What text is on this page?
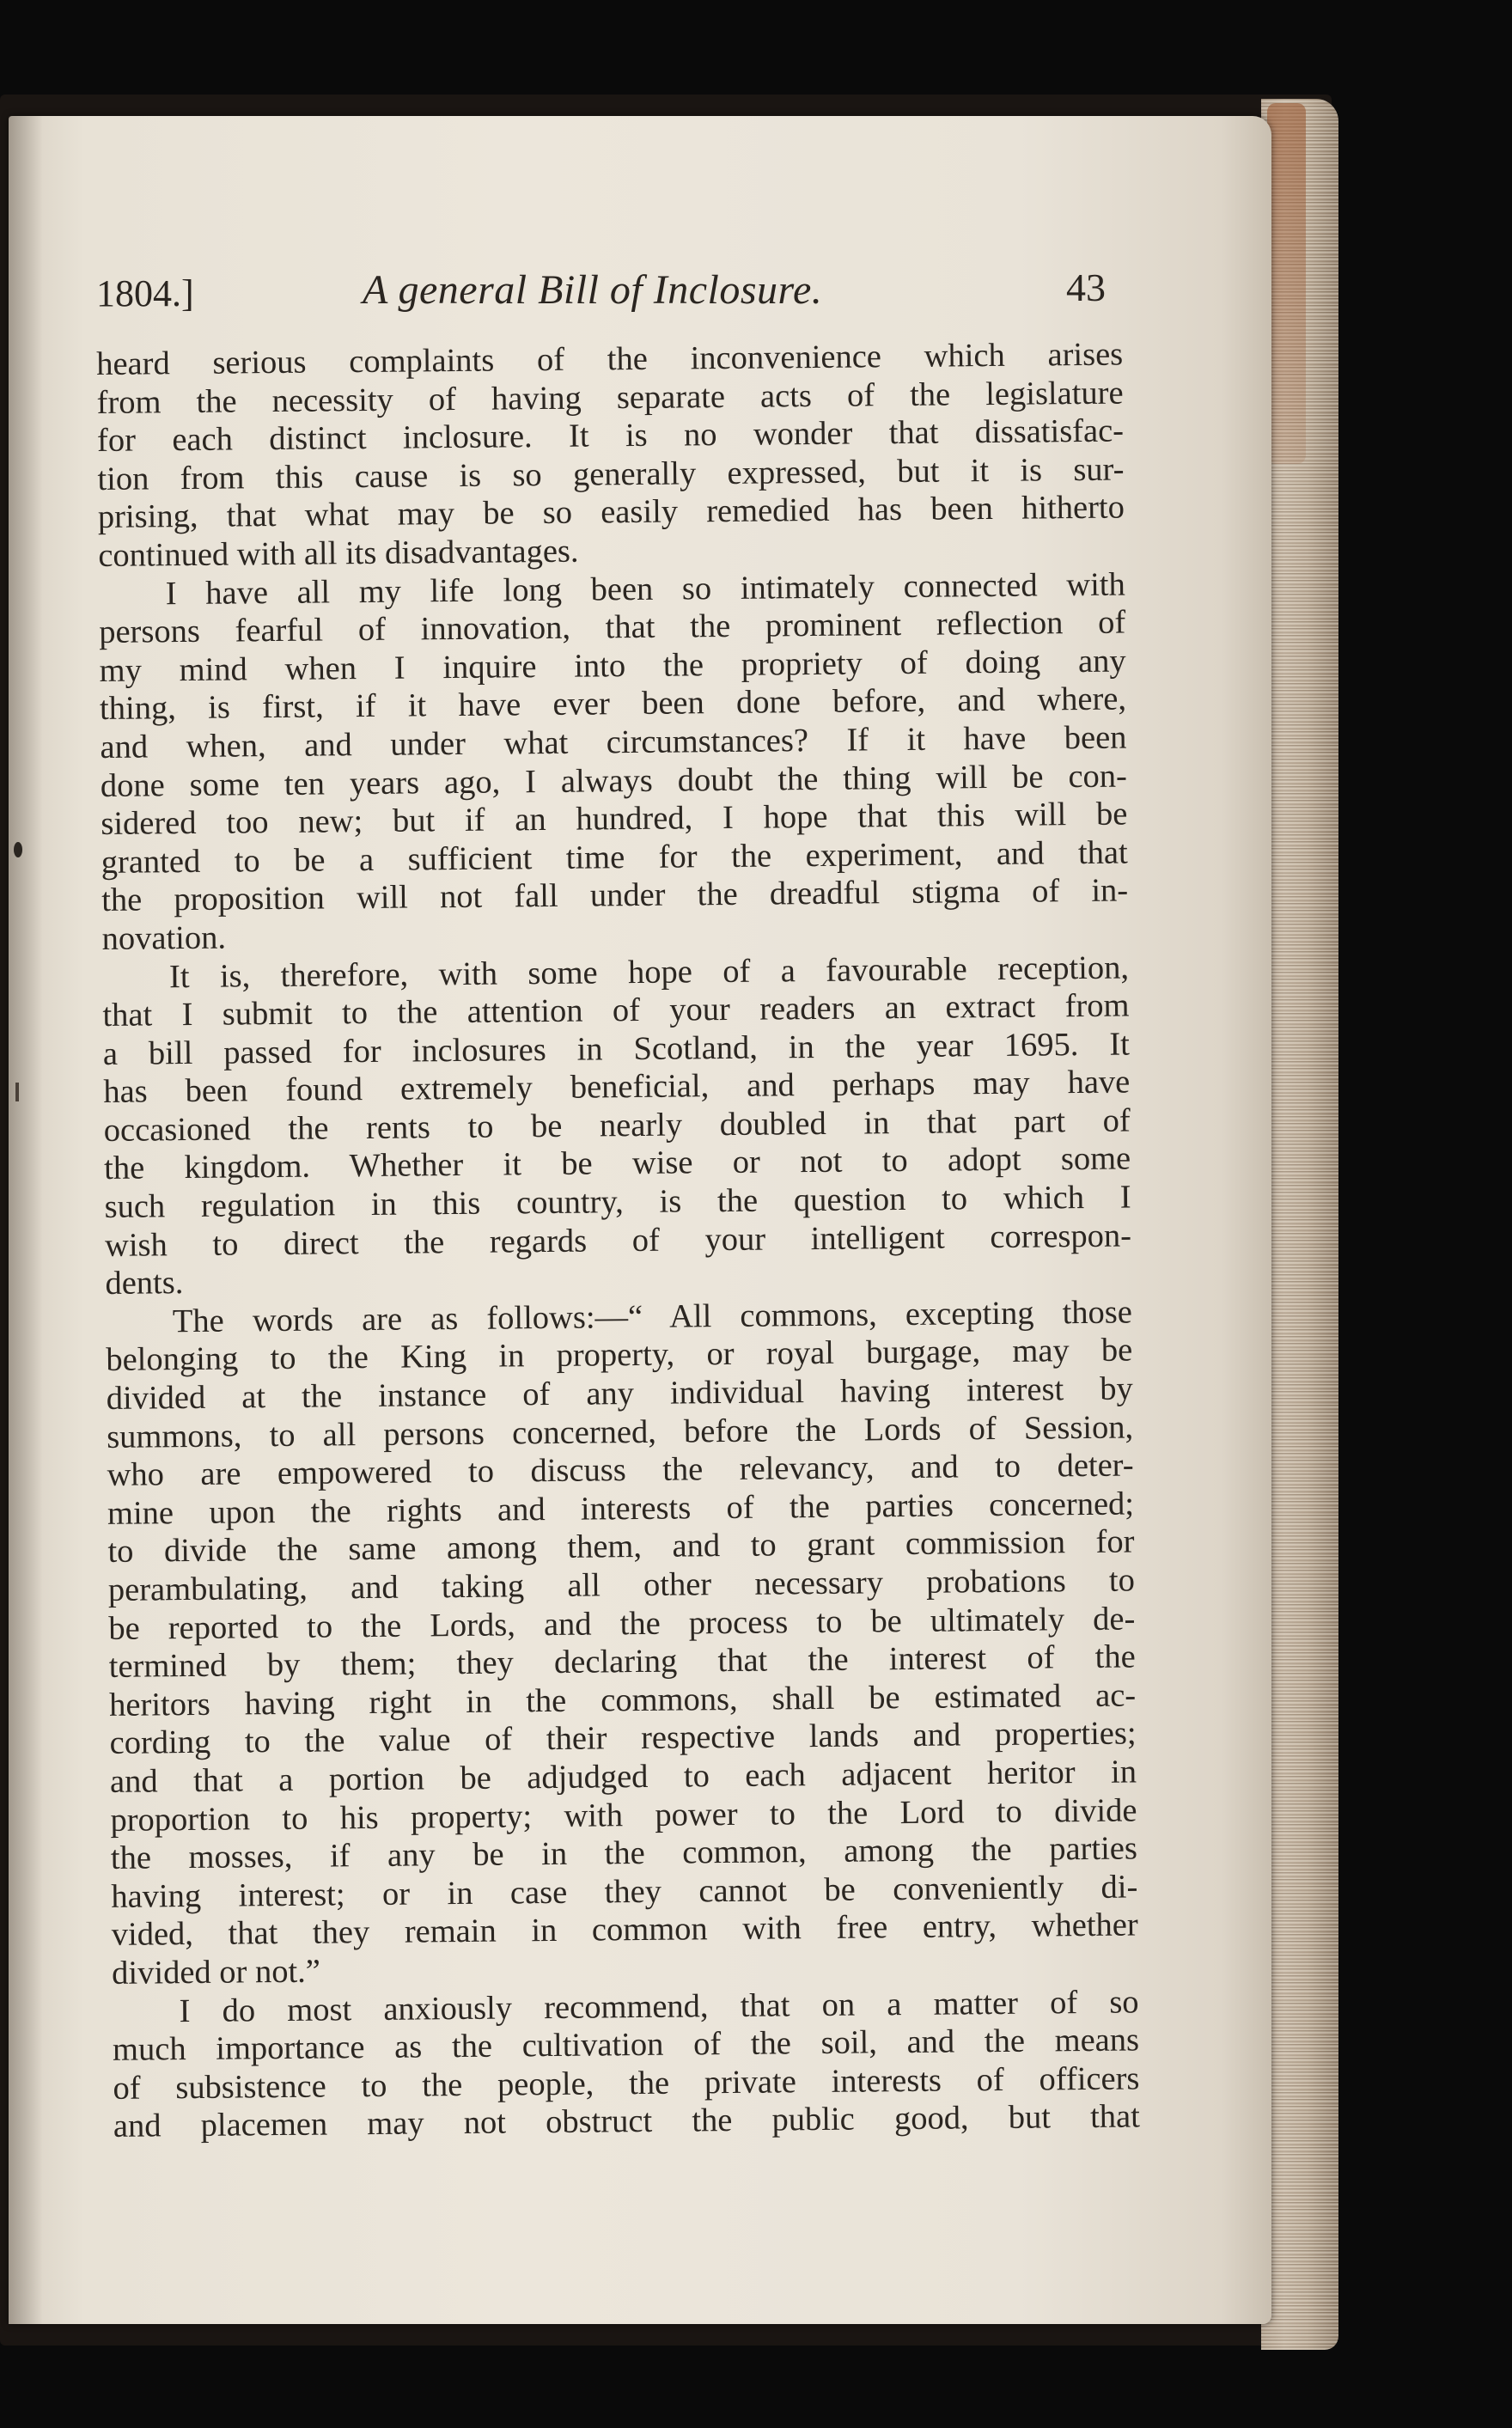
1804.]	A general Bill of Inclosure.	43
heard serious complaints of the inconvenience which arises
from the necessity of having separate acts of the legislature
for each distinct inclosure. It is no wonder that dissatisfac-
tion from this cause is so generally expressed, but it is sur-
prising, that what may be so easily remedied has been hitherto
continued with all its disadvantages.
I have all my life long been so intimately connected with
persons fearful of innovation, that the prominent reflection of
my mind when I inquire into the propriety of doing any
thing, is first, if it have ever been done before, and where,
and when, and under what circumstances? If it have been
done some ten years ago, I always doubt the thing will be con-
sidered too new; but if an hundred, I hope that this will be
granted to be a sufficient time for the experiment, and that
the proposition will not fall under the dreadful stigma of in-
novation.
It is, therefore, with some hope of a favourable reception,
that I submit to the attention of your readers an extract from
a bill passed for inclosures in Scotland, in the year 1695. It
has been found extremely beneficial, and perhaps may have
occasioned the rents to be nearly doubled in that part of
the kingdom. Whether it be wise or not to adopt some
such regulation in this country, is the question to which I
wish to direct the regards of your intelligent correspon-
dents.
The words are as follows:—“ All commons, excepting those
belonging to the King in property, or royal burgage, may be
divided at the instance of any individual having interest by
summons, to all persons concerned, before the Lords of Session,
who are empowered to discuss the relevancy, and to deter-
mine upon the rights and interests of the parties concerned;
to divide the same among them, and to grant commission for
perambulating, and taking all other necessary probations to
be reported to the Lords, and the process to be ultimately de-
termined by them; they declaring that the interest of the
heritors having right in the commons, shall be estimated ac-
cording to the value of their respective lands and properties;
and that a portion be adjudged to each adjacent heritor in
proportion to his property; with power to the Lord to divide
the mosses, if any be in the common, among the parties
having interest; or in case they cannot be conveniently di-
vided, that they remain in common with free entry, whether
divided or not.”
I do most anxiously recommend, that on a matter of so
much importance as the cultivation of the soil, and the means
of subsistence to the people, the private interests of officers
and placemen may not obstruct the public good, but that
